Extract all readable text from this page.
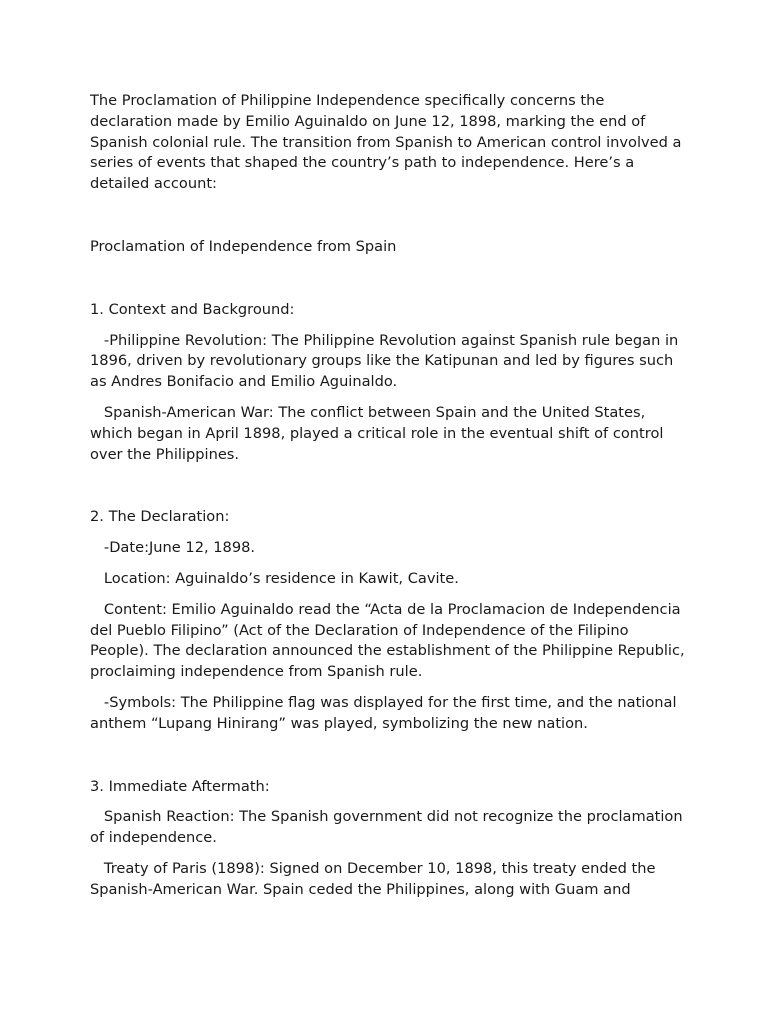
The Proclamation of Philippine Independence specifically concerns the declaration made by Emilio Aguinaldo on June 12, 1898, marking the end of Spanish colonial rule. The transition from Spanish to American control involved a series of events that shaped the country’s path to independence. Here’s a detailed account:

Proclamation of Independence from Spain

1. Context and Background:

-Philippine Revolution: The Philippine Revolution against Spanish rule began in 1896, driven by revolutionary groups like the Katipunan and led by figures such as Andres Bonifacio and Emilio Aguinaldo.

Spanish-American War: The conflict between Spain and the United States, which began in April 1898, played a critical role in the eventual shift of control over the Philippines.

2. The Declaration:

-Date:June 12, 1898.

Location: Aguinaldo’s residence in Kawit, Cavite.

Content: Emilio Aguinaldo read the “Acta de la Proclamacion de Independencia del Pueblo Filipino” (Act of the Declaration of Independence of the Filipino People). The declaration announced the establishment of the Philippine Republic, proclaiming independence from Spanish rule.

-Symbols: The Philippine flag was displayed for the first time, and the national anthem “Lupang Hinirang” was played, symbolizing the new nation.

3. Immediate Aftermath:

Spanish Reaction: The Spanish government did not recognize the proclamation of independence.

Treaty of Paris (1898): Signed on December 10, 1898, this treaty ended the Spanish-American War. Spain ceded the Philippines, along with Guam and
